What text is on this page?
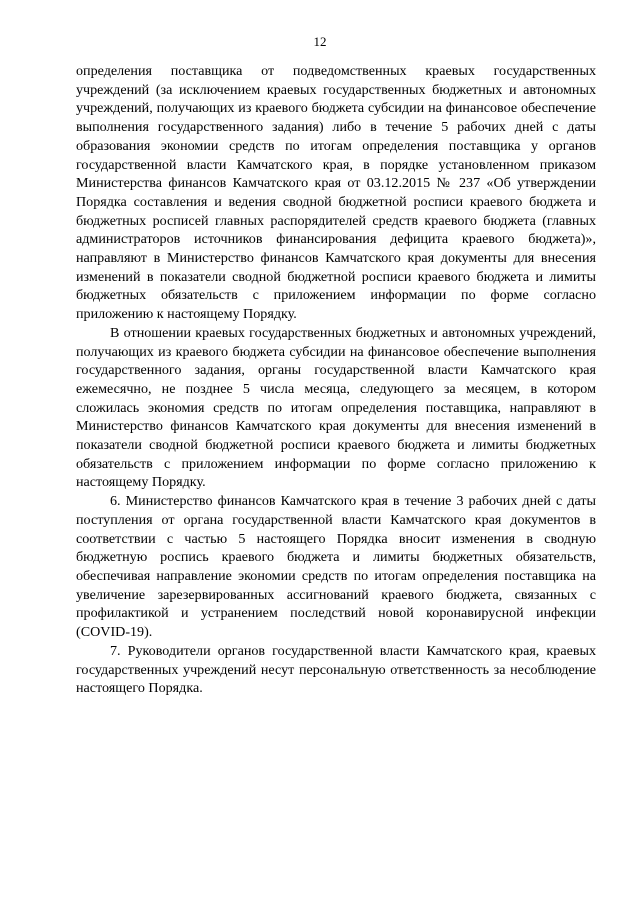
12

определения поставщика от подведомственных краевых государственных учреждений (за исключением краевых государственных бюджетных и автономных учреждений, получающих из краевого бюджета субсидии на финансовое обеспечение выполнения государственного задания) либо в течение 5 рабочих дней с даты образования экономии средств по итогам определения поставщика у органов государственной власти Камчатского края, в порядке установленном приказом Министерства финансов Камчатского края от 03.12.2015 № 237 «Об утверждении Порядка составления и ведения сводной бюджетной росписи краевого бюджета и бюджетных росписей главных распорядителей средств краевого бюджета (главных администраторов источников финансирования дефицита краевого бюджета)», направляют в Министерство финансов Камчатского края документы для внесения изменений в показатели сводной бюджетной росписи краевого бюджета и лимиты бюджетных обязательств с приложением информации по форме согласно приложению к настоящему Порядку.

В отношении краевых государственных бюджетных и автономных учреждений, получающих из краевого бюджета субсидии на финансовое обеспечение выполнения государственного задания, органы государственной власти Камчатского края ежемесячно, не позднее 5 числа месяца, следующего за месяцем, в котором сложилась экономия средств по итогам определения поставщика, направляют в Министерство финансов Камчатского края документы для внесения изменений в показатели сводной бюджетной росписи краевого бюджета и лимиты бюджетных обязательств с приложением информации по форме согласно приложению к настоящему Порядку.

6. Министерство финансов Камчатского края в течение 3 рабочих дней с даты поступления от органа государственной власти Камчатского края документов в соответствии с частью 5 настоящего Порядка вносит изменения в сводную бюджетную роспись краевого бюджета и лимиты бюджетных обязательств, обеспечивая направление экономии средств по итогам определения поставщика на увеличение зарезервированных ассигнований краевого бюджета, связанных с профилактикой и устранением последствий новой коронавирусной инфекции (COVID-19).

7. Руководители органов государственной власти Камчатского края, краевых государственных учреждений несут персональную ответственность за несоблюдение настоящего Порядка.
